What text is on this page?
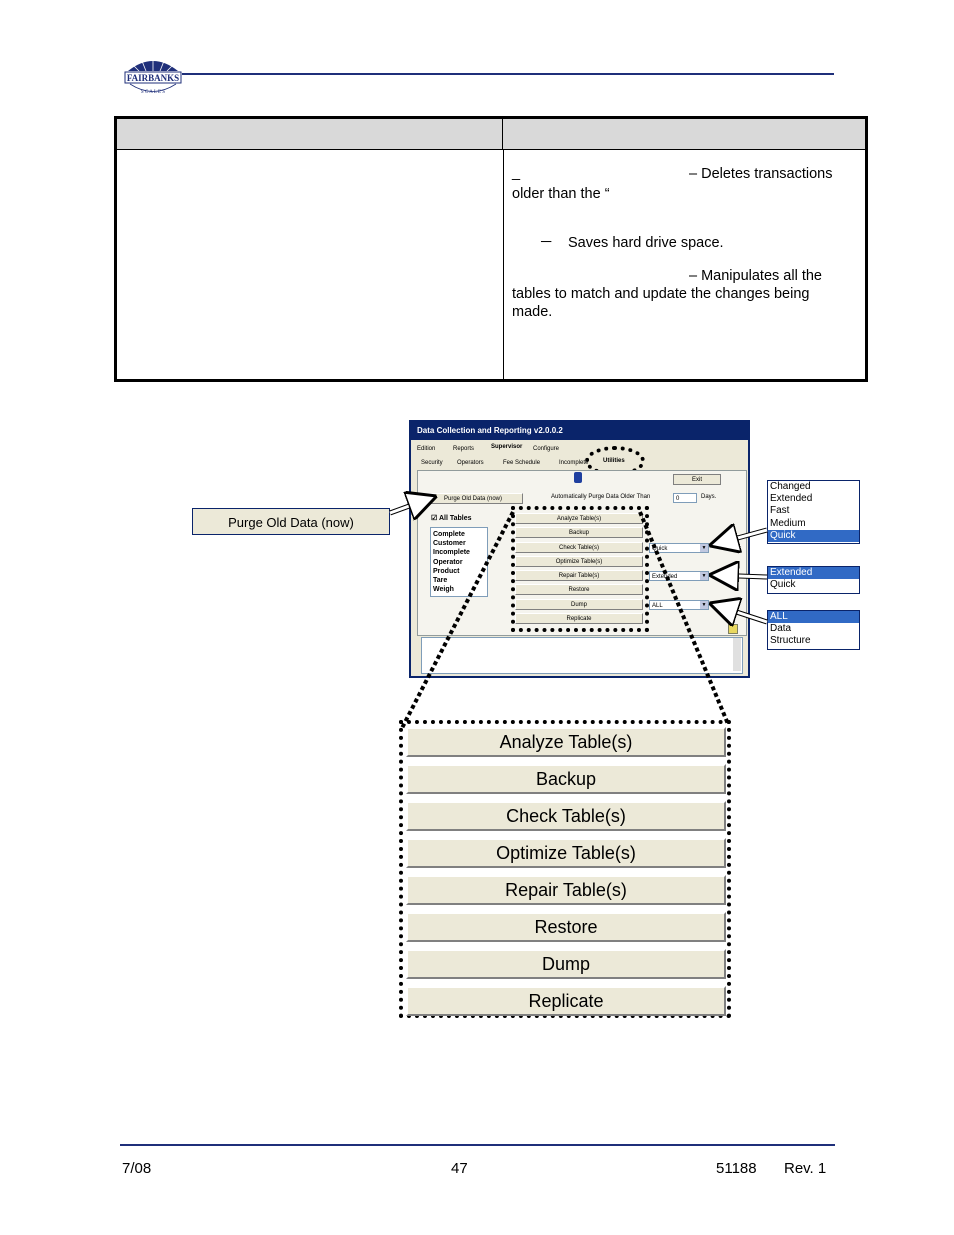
FAIRBANKS
S C A L E S
_	– Deletes transactions
older than the “
─ Saves hard drive space.
– Manipulates all the
tables to match and update the changes being
made.
Data Collection and Reporting v2.0.0.2
Edition	Reports	Supervisor Configure
Security Operators	Fee Schedule	Incomplete Utilities
Exit
Purge Old Data (now)	Automatically Purge Data Older Than	0	Days.
☑ All Tables
Complete
Customer
Incomplete
Operator
Product
Tare
Weigh
Analyze Table(s)
Backup
Check Table(s)
Optimize Table(s)
Repair Table(s)
Restore
Dump
Replicate
Quick	▼
Extended	▼
ALL	▼
Purge Old Data (now)
Changed
Extended
Fast
Medium
Quick
Extended
Quick
ALL
Data
Structure
Analyze Table(s)
Backup
Check Table(s)
Optimize Table(s)
Repair Table(s)
Restore
Dump
Replicate
7/08	47	51188 Rev. 1
